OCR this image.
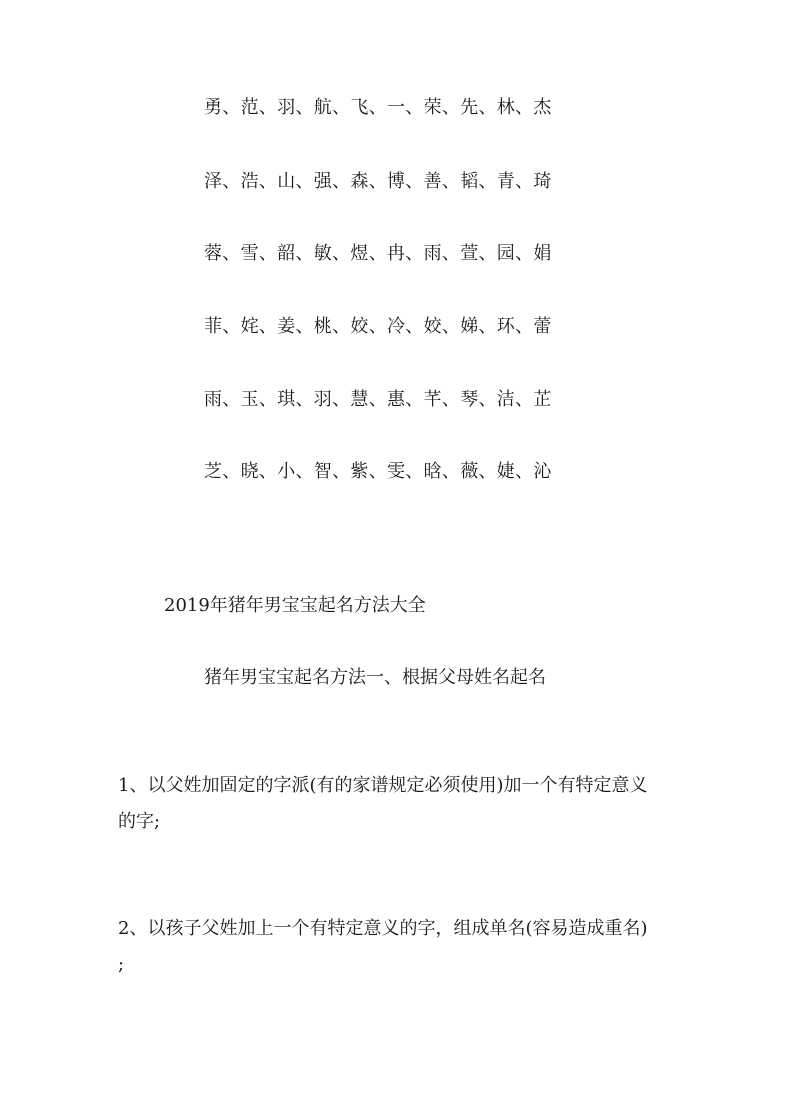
勇、范、羽、航、飞、一、荣、先、林、杰
泽、浩、山、强、森、博、善、韬、青、琦
蓉、雪、韶、敏、煜、冉、雨、萱、园、娟
菲、姹、姜、桃、姣、冷、姣、娣、环、蕾
雨、玉、琪、羽、慧、惠、芊、琴、洁、芷
芝、晓、小、智、紫、雯、晗、薇、婕、沁
2019年猪年男宝宝起名方法大全
猪年男宝宝起名方法一、根据父母姓名起名
1、以父姓加固定的字派(有的家谱规定必须使用)加一个有特定意义
的字;
2、以孩子父姓加上一个有特定意义的字，组成单名(容易造成重名)
;
